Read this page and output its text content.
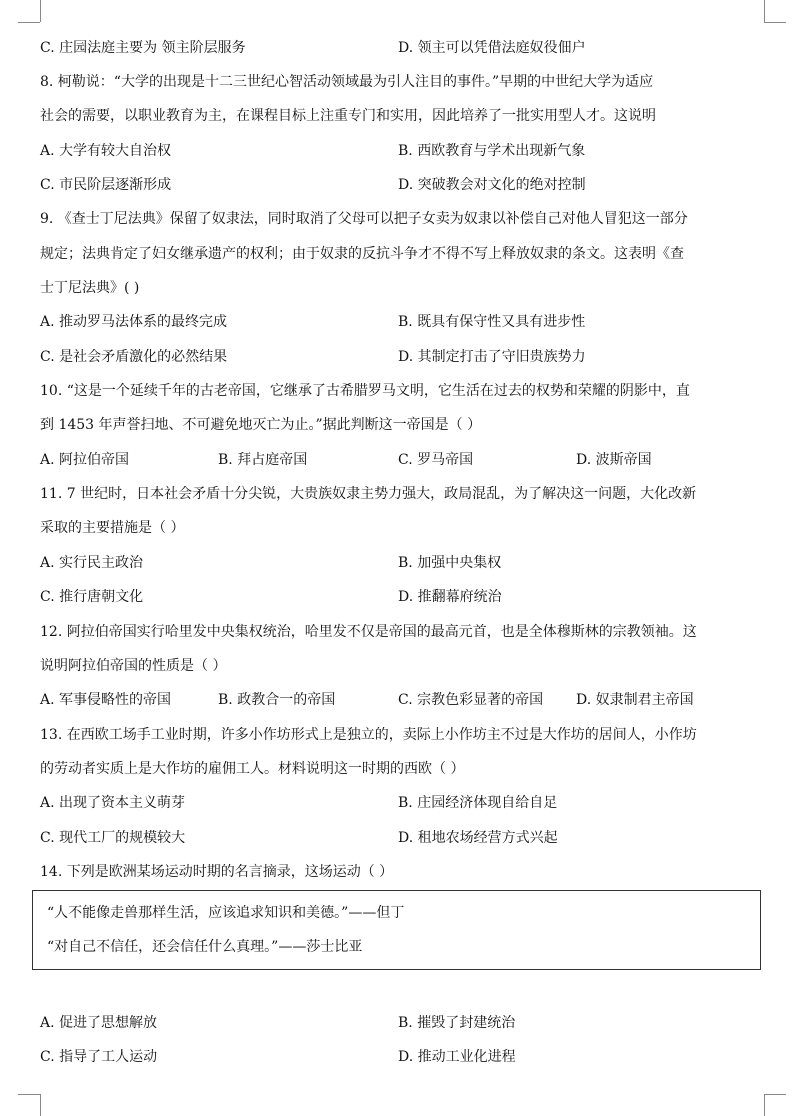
C. 庄园法庭主要为 领主阶层服务	D. 领主可以凭借法庭奴役佃户
8. 柯勒说：“大学的出现是十二三世纪心智活动领域最为引人注目的事件。”早期的中世纪大学为适应
社会的需要，以职业教育为主，在课程目标上注重专门和实用，因此培养了一批实用型人才。这说明
A. 大学有较大自治权	B. 西欧教育与学术出现新气象
C. 市民阶层逐渐形成	D. 突破教会对文化的绝对控制
9. 《查士丁尼法典》保留了奴隶法，同时取消了父母可以把子女卖为奴隶以补偿自己对他人冒犯这一部分
规定；法典肯定了妇女继承遗产的权利；由于奴隶的反抗斗争才不得不写上释放奴隶的条文。这表明《查
士丁尼法典》( )
A. 推动罗马法体系的最终完成	B. 既具有保守性又具有进步性
C. 是社会矛盾激化的必然结果	D. 其制定打击了守旧贵族势力
10. “这是一个延续千年的古老帝国，它继承了古希腊罗马文明，它生活在过去的权势和荣耀的阴影中，直
到 1453 年声誉扫地、不可避免地灭亡为止。”据此判断这一帝国是（ ）
A. 阿拉伯帝国	B. 拜占庭帝国	C. 罗马帝国	D. 波斯帝国
11. 7 世纪时，日本社会矛盾十分尖锐，大贵族奴隶主势力强大，政局混乱，为了解决这一问题，大化改新
采取的主要措施是（ ）
A. 实行民主政治	B. 加强中央集权
C. 推行唐朝文化	D. 推翻幕府统治
12. 阿拉伯帝国实行哈里发中央集权统治，哈里发不仅是帝国的最高元首，也是全体穆斯林的宗教领袖。这
说明阿拉伯帝国的性质是（ ）
A. 军事侵略性的帝国	B. 政教合一的帝国	C. 宗教色彩显著的帝国 D. 奴隶制君主帝国
13. 在西欧工场手工业时期，许多小作坊形式上是独立的，卖际上小作坊主不过是大作坊的居间人，小作坊
的劳动者实质上是大作坊的雇佣工人。材料说明这一时期的西欧（ ）
A. 出现了资本主义萌芽	B. 庄园经济体现自给自足
C. 现代工厂的规模较大	D. 租地农场经营方式兴起
14. 下列是欧洲某场运动时期的名言摘录，这场运动（ ）
“人不能像走兽那样生活，应该追求知识和美德。”——但丁
“对自己不信任，还会信任什么真理。”——莎士比亚
A. 促进了思想解放	B. 摧毁了封建统治
C. 指导了工人运动	D. 推动工业化进程
